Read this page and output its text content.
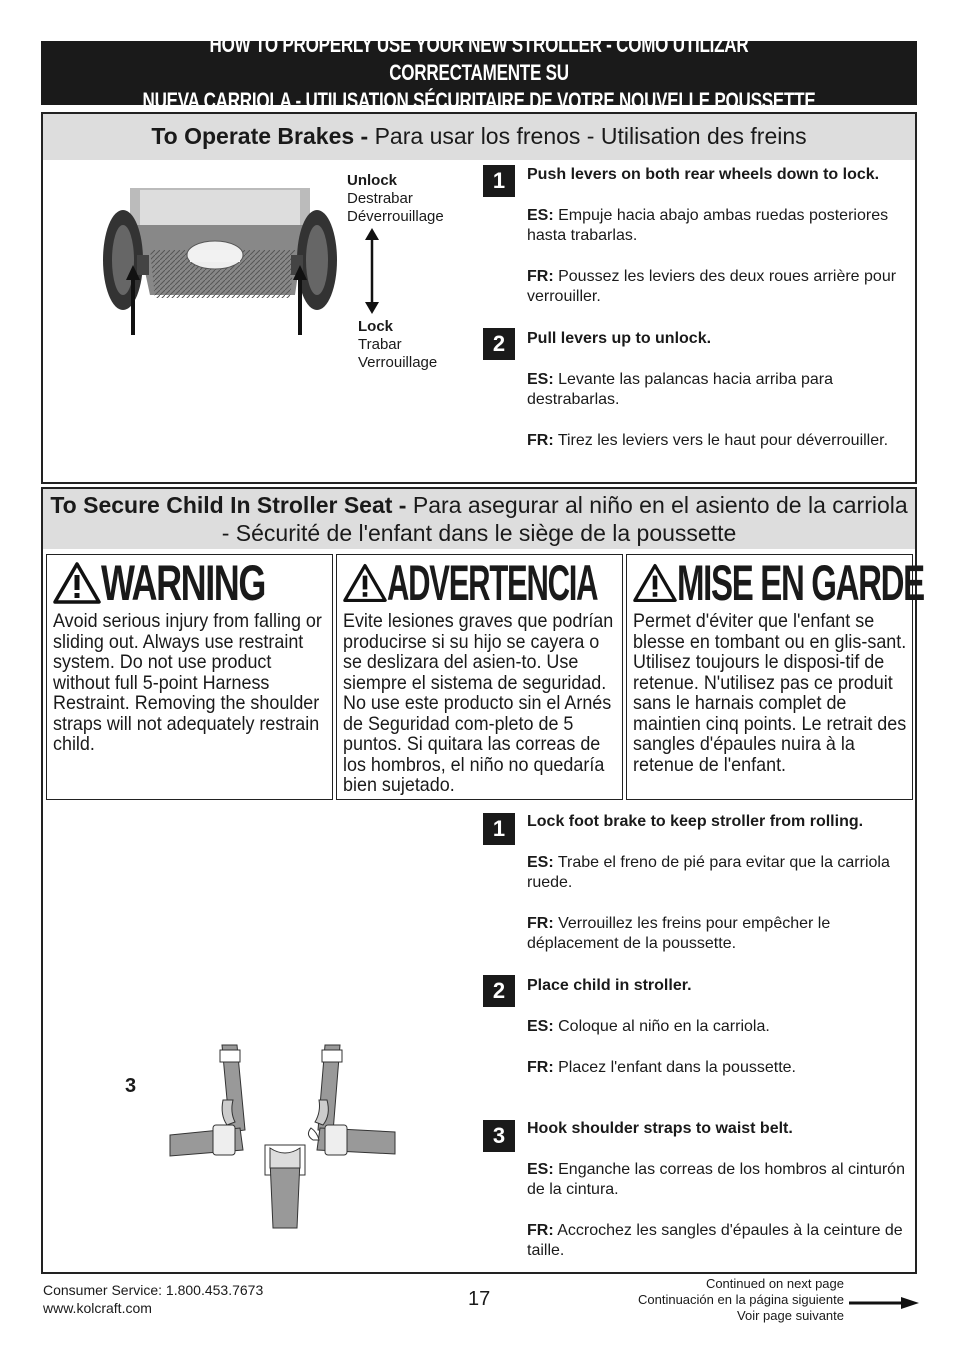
HOW TO PROPERLY USE YOUR NEW STROLLER - CÓMO UTILIZAR CORRECTAMENTE SU
NUEVA CARRIOLA - UTILISATION SÉCURITAIRE DE VOTRE NOUVELLE POUSSETTE
To Operate Brakes - Para usar los frenos - Utilisation des freins
Unlock
Destrabar
Déverrouillage
Lock
Trabar
Verrouillage
1	Push levers on both rear wheels down to lock.

ES: Empuje hacia abajo ambas ruedas posteriores hasta trabarlas.

FR: Poussez les leviers des deux roues arrière pour verrouiller.

2	Pull levers up to unlock.

ES: Levante las palancas hacia arriba para destrabarlas.

FR: Tirez les leviers vers le haut pour déverrouiller.

To Secure Child In Stroller Seat - Para asegurar al niño en el asiento de la carriola
- Sécurité de l'enfant dans le siège de la poussette
WARNING
Avoid serious injury from falling or sliding out. Always use restraint system. Do not use product without full 5-point Harness Restraint. Removing the shoulder straps will not adequately restrain child.
ADVERTENCIA
Evite lesiones graves que podrían producirse si su hijo se cayera o se deslizara del asien-to. Use siempre el sistema de seguridad. No use este producto sin el Arnés de Seguridad com-pleto de 5 puntos. Si quitara las correas de los hombros, el niño no quedaría bien sujetado.
MISE EN GARDE
Permet d'éviter que l'enfant se blesse en tombant ou en glis-sant. Utilisez toujours le disposi-tif de retenue. N'utilisez pas ce produit sans le harnais complet de maintien cinq points. Le retrait des sangles d'épaules nuira à la retenue de l'enfant.
3
1	Lock foot brake to keep stroller from rolling.

ES: Trabe el freno de pié para evitar que la carriola ruede.

FR: Verrouillez les freins pour empêcher le déplacement de la poussette.

2	Place child in stroller.

ES: Coloque al niño en la carriola.

FR: Placez l'enfant dans la poussette.

3	Hook shoulder straps to waist belt.

ES: Enganche las correas de los hombros al cinturón de la cintura.

FR: Accrochez les sangles d'épaules à la ceinture de taille.

Consumer Service: 1.800.453.7673
www.kolcraft.com	17
Continued on next page
Continuación en la página siguiente
Voir page suivante
